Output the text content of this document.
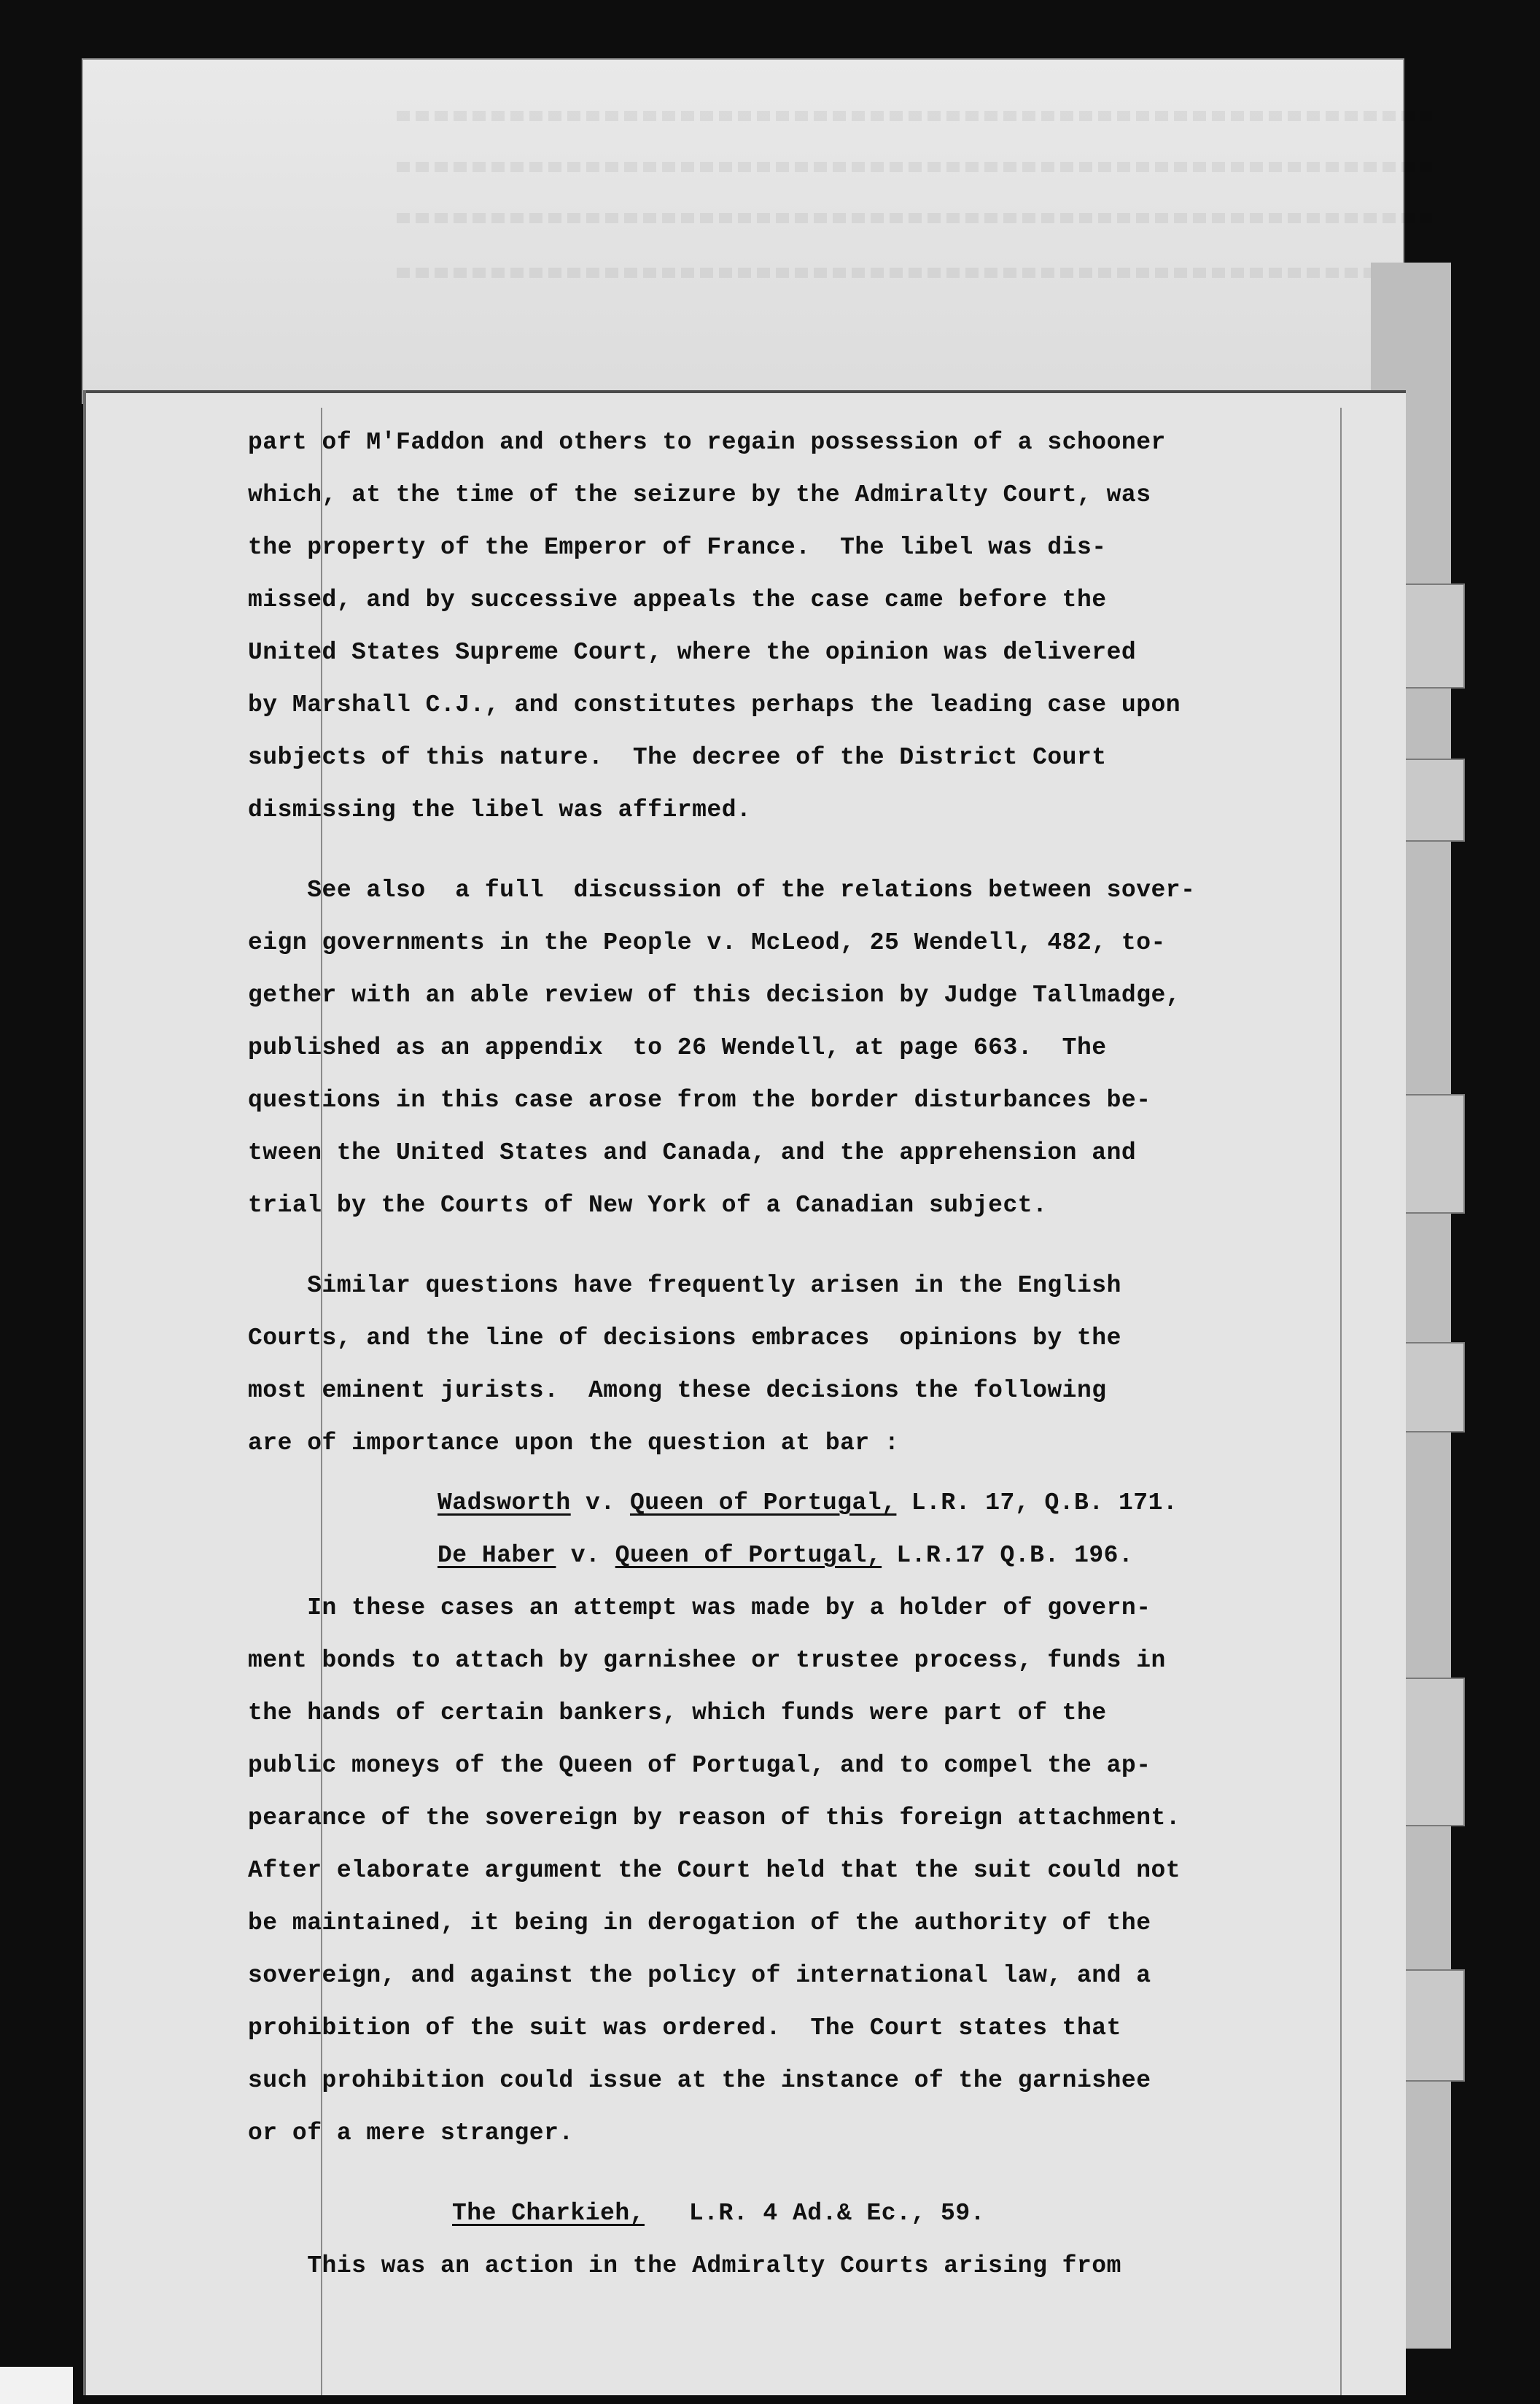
part of M'Faddon and others to regain possession of a schooner
which, at the time of the seizure by the Admiralty Court, was
the property of the Emperor of France.  The libel was dis-
missed, and by successive appeals the case came before the
United States Supreme Court, where the opinion was delivered
by Marshall C.J., and constitutes perhaps the leading case upon
subjects of this nature.  The decree of the District Court
dismissing the libel was affirmed.
See also  a full  discussion of the relations between sover-
eign governments in the People v. McLeod, 25 Wendell, 482, to-
gether with an able review of this decision by Judge Tallmadge,
published as an appendix  to 26 Wendell, at page 663.  The
questions in this case arose from the border disturbances be-
tween the United States and Canada, and the apprehension and
trial by the Courts of New York of a Canadian subject.
Similar questions have frequently arisen in the English
Courts, and the line of decisions embraces  opinions by the
most eminent jurists.  Among these decisions the following
are of importance upon the question at bar :
Wadsworth v. Queen of Portugal, L.R. 17, Q.B. 171.
De Haber v. Queen of Portugal, L.R.17 Q.B. 196.
In these cases an attempt was made by a holder of govern-
ment bonds to attach by garnishee or trustee process, funds in
the hands of certain bankers, which funds were part of the
public moneys of the Queen of Portugal, and to compel the ap-
pearance of the sovereign by reason of this foreign attachment.
After elaborate argument the Court held that the suit could not
be maintained, it being in derogation of the authority of the
sovereign, and against the policy of international law, and a
prohibition of the suit was ordered.  The Court states that
such prohibition could issue at the instance of the garnishee
or of a mere stranger.
The Charkieh,   L.R. 4 Ad.& Ec., 59.
This was an action in the Admiralty Courts arising from
